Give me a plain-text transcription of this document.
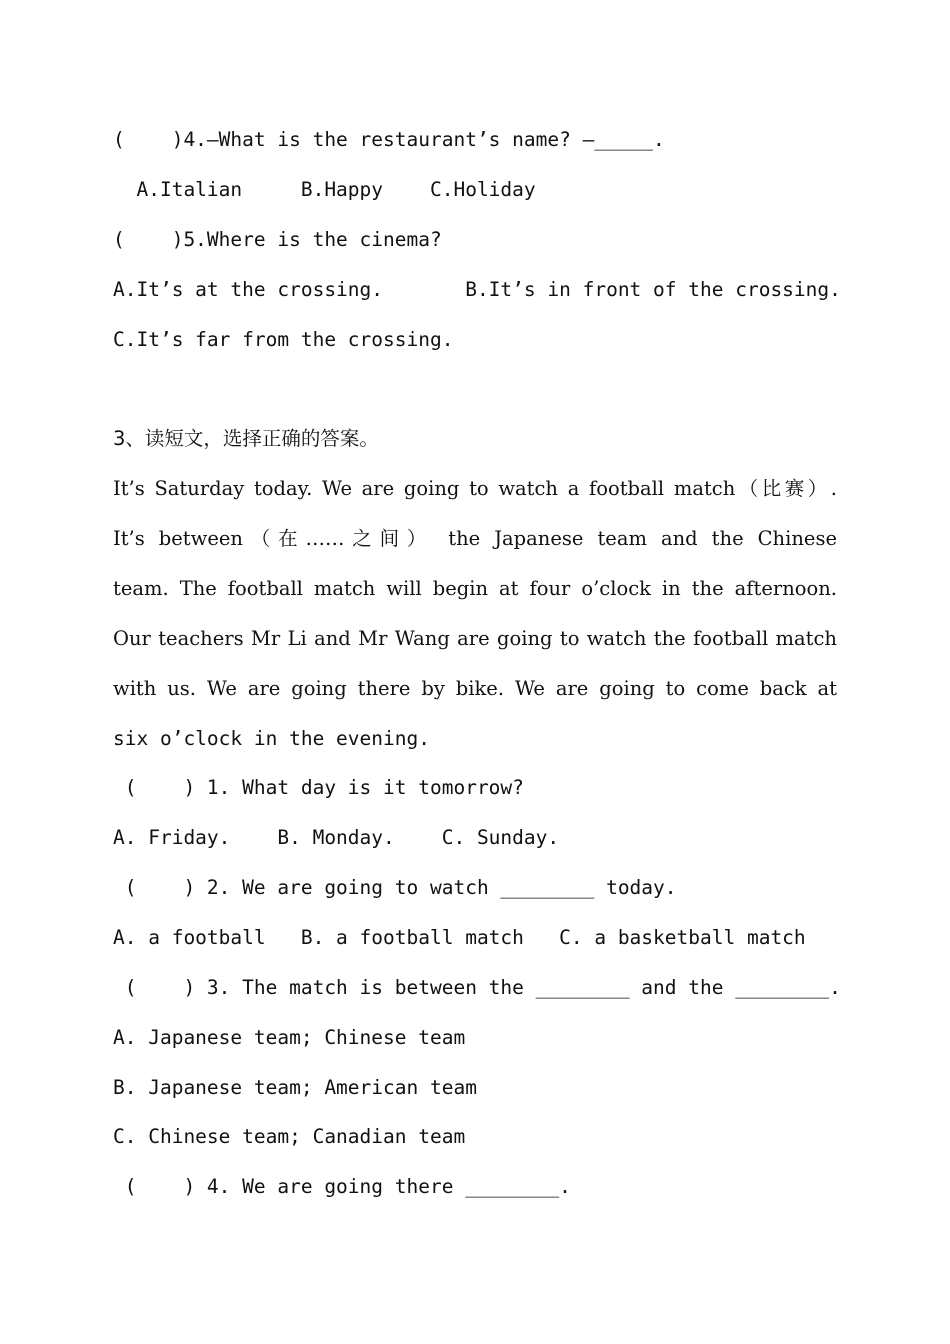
(    )4.—What is the restaurant’s name? —_____.
A.Italian     B.Happy    C.Holiday
(    )5.Where is the cinema?
A.It’s at the crossing.       B.It’s in front of the crossing.
C.It’s far from the crossing.
3、读短文，选择正确的答案。
It’s Saturday today. We are going to watch a football match（比赛）.
It’s between（在……之间） the Japanese team and the Chinese
team. The football match will begin at four o’clock in the afternoon.
Our teachers Mr Li and Mr Wang are going to watch the football match
with us. We are going there by bike. We are going to come back at
six o’clock in the evening.
(    ) 1. What day is it tomorrow?
A. Friday.    B. Monday.    C. Sunday.
(    ) 2. We are going to watch ________ today.
A. a football   B. a football match   C. a basketball match
(    ) 3. The match is between the ________ and the ________.
A. Japanese team; Chinese team
B. Japanese team; American team
C. Chinese team; Canadian team
(    ) 4. We are going there ________.
